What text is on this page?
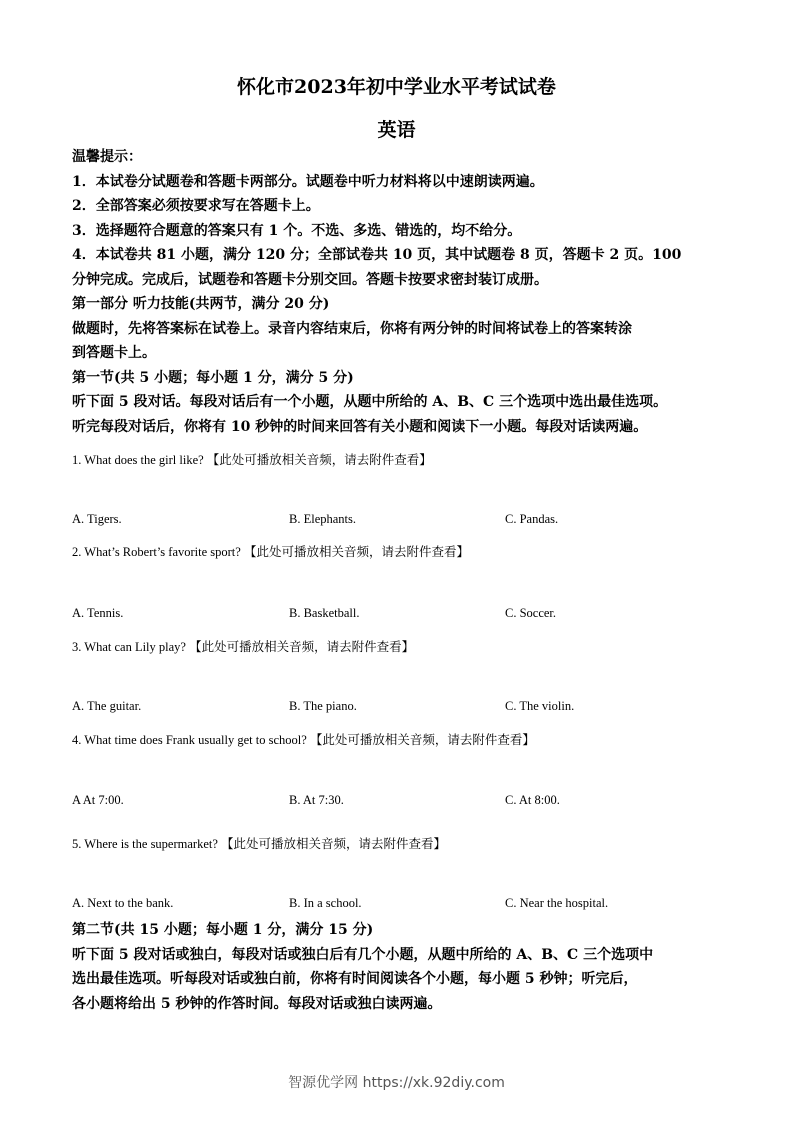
怀化市2023年初中学业水平考试试卷
英语
温馨提示：
1．本试卷分试题卷和答题卡两部分。试题卷中听力材料将以中速朗读两遍。
2．全部答案必须按要求写在答题卡上。
3．选择题符合题意的答案只有 1 个。不选、多选、错选的，均不给分。
4．本试卷共 81 小题，满分 120 分；全部试卷共 10 页，其中试题卷 8 页，答题卡 2 页。100
分钟完成。完成后，试题卷和答题卡分别交回。答题卡按要求密封装订成册。
第一部分 听力技能(共两节，满分 20 分)
做题时，先将答案标在试卷上。录音内容结束后，你将有两分钟的时间将试卷上的答案转涂
到答题卡上。
第一节(共 5 小题；每小题 1 分，满分 5 分)
听下面 5 段对话。每段对话后有一个小题，从题中所给的 A、B、C 三个选项中选出最佳选项。
听完每段对话后，你将有 10 秒钟的时间来回答有关小题和阅读下一小题。每段对话读两遍。
1. What does the girl like? 【此处可播放相关音频，请去附件查看】
A. Tigers.	B. Elephants.	C. Pandas.
2. What’s Robert’s favorite sport? 【此处可播放相关音频，请去附件查看】
A. Tennis.	B. Basketball.	C. Soccer.
3. What can Lily play? 【此处可播放相关音频，请去附件查看】
A. The guitar.	B. The piano.	C. The violin.
4. What time does Frank usually get to school? 【此处可播放相关音频，请去附件查看】
A At 7:00.	B. At 7:30.	C. At 8:00.
5. Where is the supermarket? 【此处可播放相关音频，请去附件查看】
A. Next to the bank.	B. In a school.	C. Near the hospital.
第二节(共 15 小题；每小题 1 分，满分 15 分)
听下面 5 段对话或独白，每段对话或独白后有几个小题，从题中所给的 A、B、C 三个选项中
选出最佳选项。听每段对话或独白前，你将有时间阅读各个小题，每小题 5 秒钟；听完后，
各小题将给出 5 秒钟的作答时间。每段对话或独白读两遍。
智源优学网 https://xk.92diy.com
